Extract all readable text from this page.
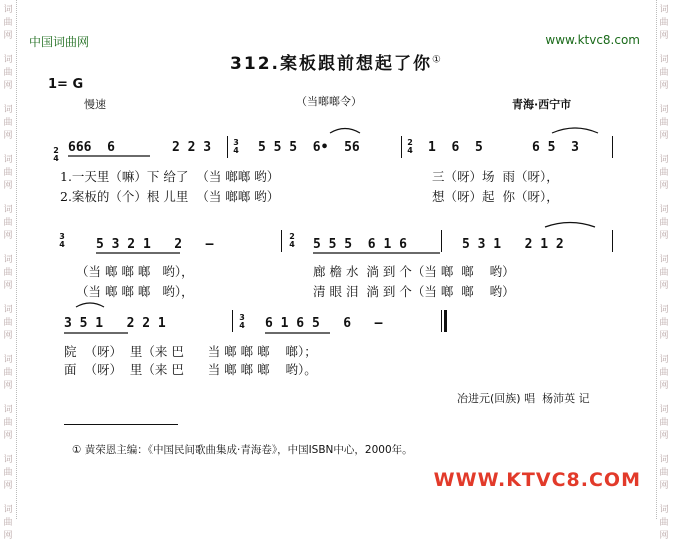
词
曲
网
词
曲
网
词
曲
网
词
曲
网
词
曲
网
词
曲
网
词
曲
网
词
曲
网
词
曲
网
词
曲
网
词
曲
网
词
曲
网
词
曲
网
词
曲
网
词
曲
网
词
曲
网
词
曲
网
词
曲
网
词
曲
网
词
曲
网
词
曲
网
词
曲
网
中国词曲网	www.ktvc8.com
312.案板跟前想起了你①
1= G
慢速	（当啷啷令）	青海·西宁市
2
4
666  6	2 2 3	3
4 5 5 5  6•  56	2
4 1  6  5	6 5  3
1.一天里（嘛）下 给了  （当 啷啷 哟）
2.案板的（个）根 儿里  （当 啷啷 哟）
三（呀）场  雨（呀），
想（呀）起  你（呀），
3
4 5 3 2 1   2   —
2
4 5 5 5  6 1 6	5 3 1   2 1 2
（当 啷 啷 啷   哟），
（当 啷 啷 啷   哟），
廊 檐 水  淌 到 个（当 啷  啷    哟）
清 眼 泪  淌 到 个（当 啷  啷    哟）
3 5 1   2 2 1	3
4 6 1 6 5   6   —
院  （呀）  里（来 巴      当 啷 啷 啷    啷）；
面  （呀）  里（来 巴      当 啷 啷 啷    哟）。
冶进元(回族) 唱  杨沛英 记
① 黄荣恩主编：《中国民间歌曲集成·青海卷》，中国ISBN中心，2000年。
WWW.KTVC8.COM
